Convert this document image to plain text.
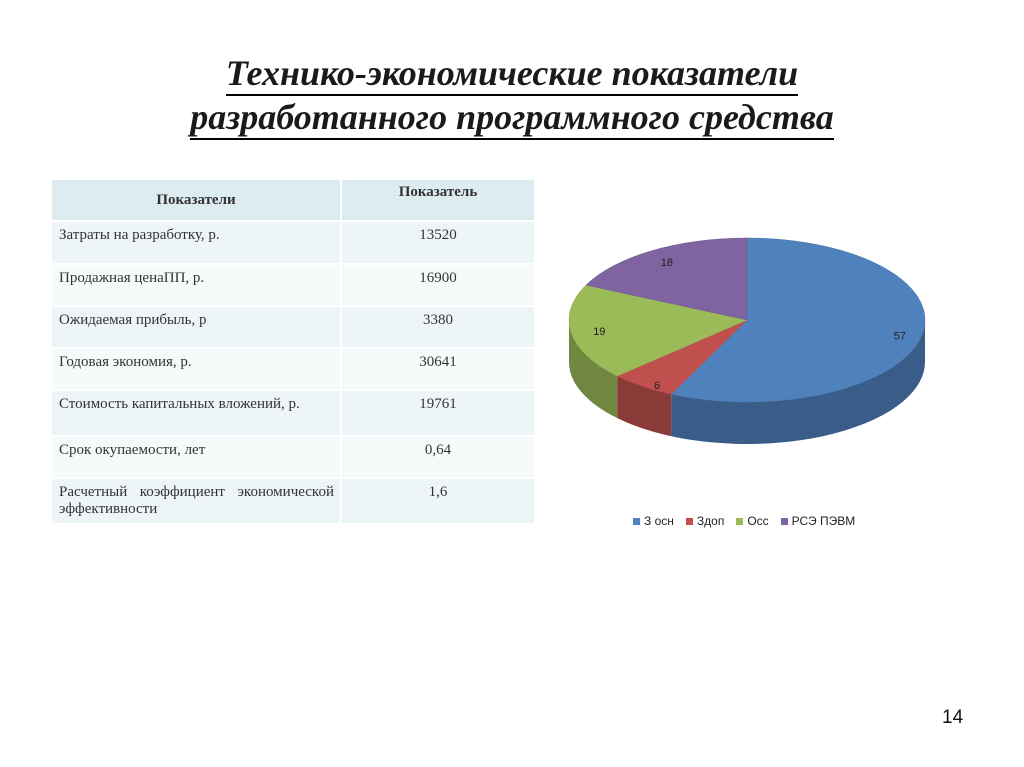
Технико-экономические показатели
разработанного программного средства
Показатели	Показатель
Затраты на разработку, р.	13520
Продажная ценаПП, р.	16900
Ожидаемая прибыль, р	3380
Годовая экономия, р.	30641
Стоимость капитальных вложений, р.	19761
Срок окупаемости, лет	0,64
Расчетный коэффициент экономической эффективности	1,6
57
6
19
18
З осн Здоп Осс РСЭ ПЭВМ
14
